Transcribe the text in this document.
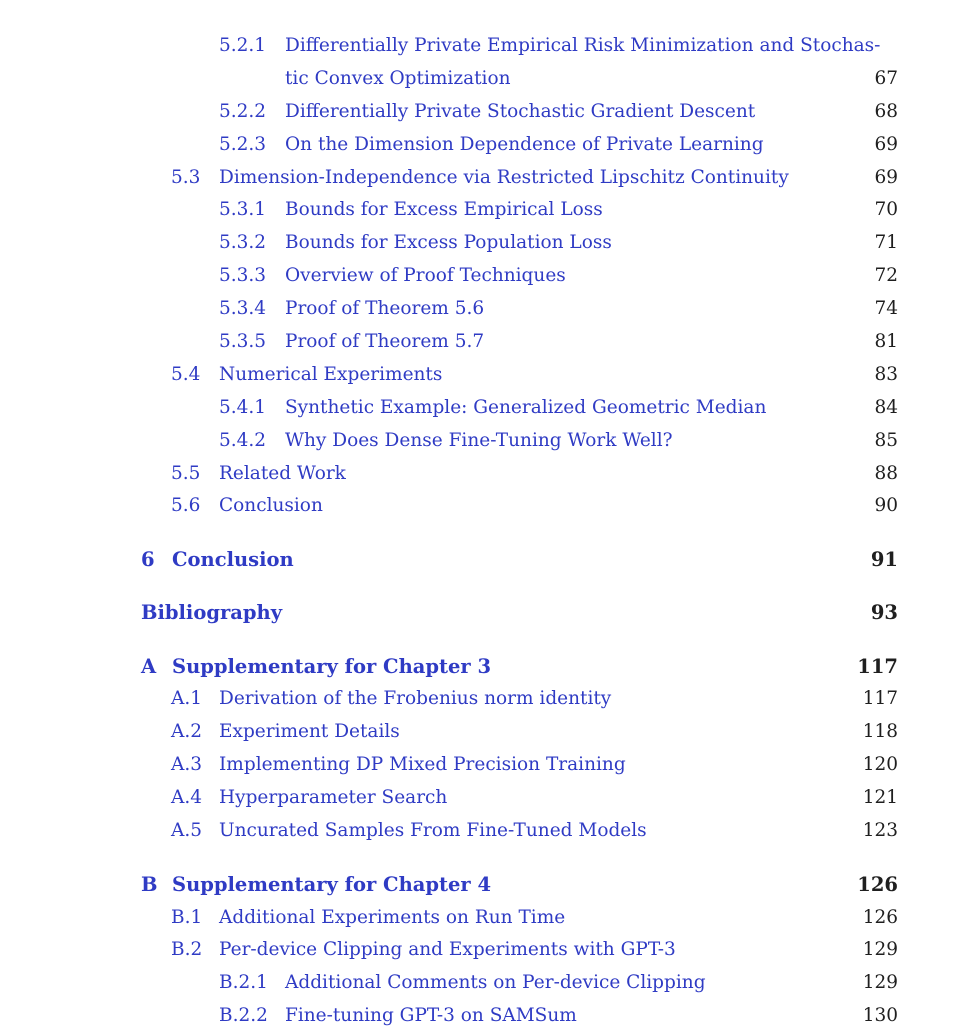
5.2.1 Differentially Private Empirical Risk Minimization and Stochas-
tic Convex Optimization	67
5.2.2 Differentially Private Stochastic Gradient Descent	68
5.2.3 On the Dimension Dependence of Private Learning	69
5.3 Dimension-Independence via Restricted Lipschitz Continuity	69
5.3.1 Bounds for Excess Empirical Loss	70
5.3.2 Bounds for Excess Population Loss	71
5.3.3 Overview of Proof Techniques	72
5.3.4 Proof of Theorem 5.6	74
5.3.5 Proof of Theorem 5.7	81
5.4 Numerical Experiments	83
5.4.1 Synthetic Example: Generalized Geometric Median	84
5.4.2 Why Does Dense Fine-Tuning Work Well?	85
5.5 Related Work	88
5.6 Conclusion	90
6 Conclusion	91
Bibliography	93
A Supplementary for Chapter 3	117
A.1 Derivation of the Frobenius norm identity	117
A.2 Experiment Details	118
A.3 Implementing DP Mixed Precision Training	120
A.4 Hyperparameter Search	121
A.5 Uncurated Samples From Fine-Tuned Models	123
B Supplementary for Chapter 4	126
B.1 Additional Experiments on Run Time	126
B.2 Per-device Clipping and Experiments with GPT-3	129
B.2.1 Additional Comments on Per-device Clipping	129
B.2.2 Fine-tuning GPT-3 on SAMSum	130
